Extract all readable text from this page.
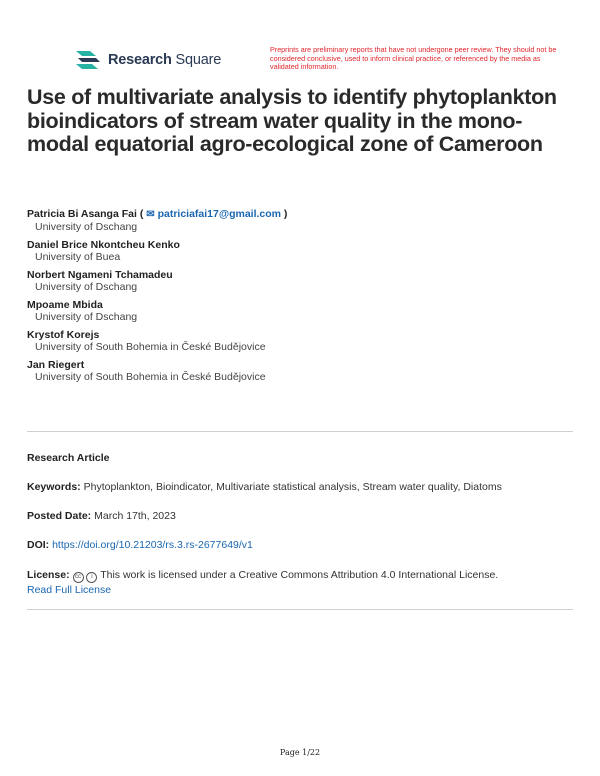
Research Square
Preprints are preliminary reports that have not undergone peer review. They should not be considered conclusive, used to inform clinical practice, or referenced by the media as validated information.
Use of multivariate analysis to identify phytoplankton bioindicators of stream water quality in the mono-modal equatorial agro-ecological zone of Cameroon
Patricia Bi Asanga Fai ( ✉ patriciafai17@gmail.com )
University of Dschang
Daniel Brice Nkontcheu Kenko
University of Buea
Norbert Ngameni Tchamadeu
University of Dschang
Mpoame Mbida
University of Dschang
Krystof Korejs
University of South Bohemia in České Budějovice
Jan Riegert
University of South Bohemia in České Budějovice
Research Article
Keywords: Phytoplankton, Bioindicator, Multivariate statistical analysis, Stream water quality, Diatoms
Posted Date: March 17th, 2023
DOI: https://doi.org/10.21203/rs.3.rs-2677649/v1
License: cc i This work is licensed under a Creative Commons Attribution 4.0 International License.
Read Full License
Page 1/22
